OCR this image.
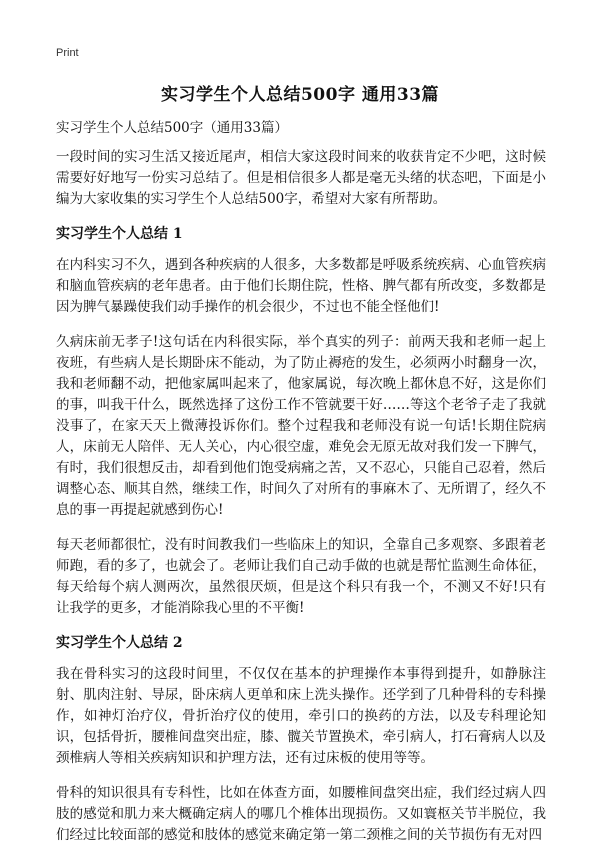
Print
实习学生个人总结500字 通用33篇
实习学生个人总结500字（通用33篇）

一段时间的实习生活又接近尾声，相信大家这段时间来的收获肯定不少吧，这时候需要好好地写一份实习总结了。但是相信很多人都是毫无头绪的状态吧，下面是小编为大家收集的实习学生个人总结500字，希望对大家有所帮助。

实习学生个人总结 1

在内科实习不久，遇到各种疾病的人很多，大多数都是呼吸系统疾病、心血管疾病和脑血管疾病的老年患者。由于他们长期住院，性格、脾气都有所改变，多数都是因为脾气暴躁使我们动手操作的机会很少，不过也不能全怪他们!

久病床前无孝子!这句话在内科很实际，举个真实的列子：前两天我和老师一起上夜班，有些病人是长期卧床不能动，为了防止褥疮的发生，必须两小时翻身一次，我和老师翻不动，把他家属叫起来了，他家属说，每次晚上都休息不好，这是你们的事，叫我干什么，既然选择了这份工作不管就要干好……等这个老爷子走了我就没事了，在家天天上微薄投诉你们。整个过程我和老师没有说一句话!长期住院病人，床前无人陪伴、无人关心，内心很空虚，难免会无原无故对我们发一下脾气，有时，我们很想反击，却看到他们饱受病痛之苦，又不忍心，只能自己忍着，然后调整心态、顺其自然，继续工作，时间久了对所有的事麻木了、无所谓了，经久不息的事一再提起就感到伤心!

每天老师都很忙，没有时间教我们一些临床上的知识，全靠自己多观察、多跟着老师跑，看的多了，也就会了。老师让我们自己动手做的也就是帮忙监测生命体征，每天给每个病人测两次，虽然很厌烦，但是这个科只有我一个，不测又不好!只有让我学的更多，才能消除我心里的不平衡!

实习学生个人总结 2

我在骨科实习的这段时间里，不仅仅在基本的护理操作本事得到提升，如静脉注射、肌肉注射、导尿，卧床病人更单和床上洗头操作。还学到了几种骨科的专科操作，如神灯治疗仪，骨折治疗仪的使用，牵引口的换药的方法，以及专科理论知识，包括骨折，腰椎间盘突出症，膝、髋关节置换术，牵引病人，打石膏病人以及颈椎病人等相关疾病知识和护理方法，还有过床板的使用等等。

骨科的知识很具有专科性，比如在体查方面，如腰椎间盘突出症，我们经过病人四肢的感觉和肌力来大概确定病人的哪几个椎体出现损伤。又如寰枢关节半脱位，我们经过比较面部的感觉和肢体的感觉来确定第一第二颈椎之间的关节损伤有无对四
